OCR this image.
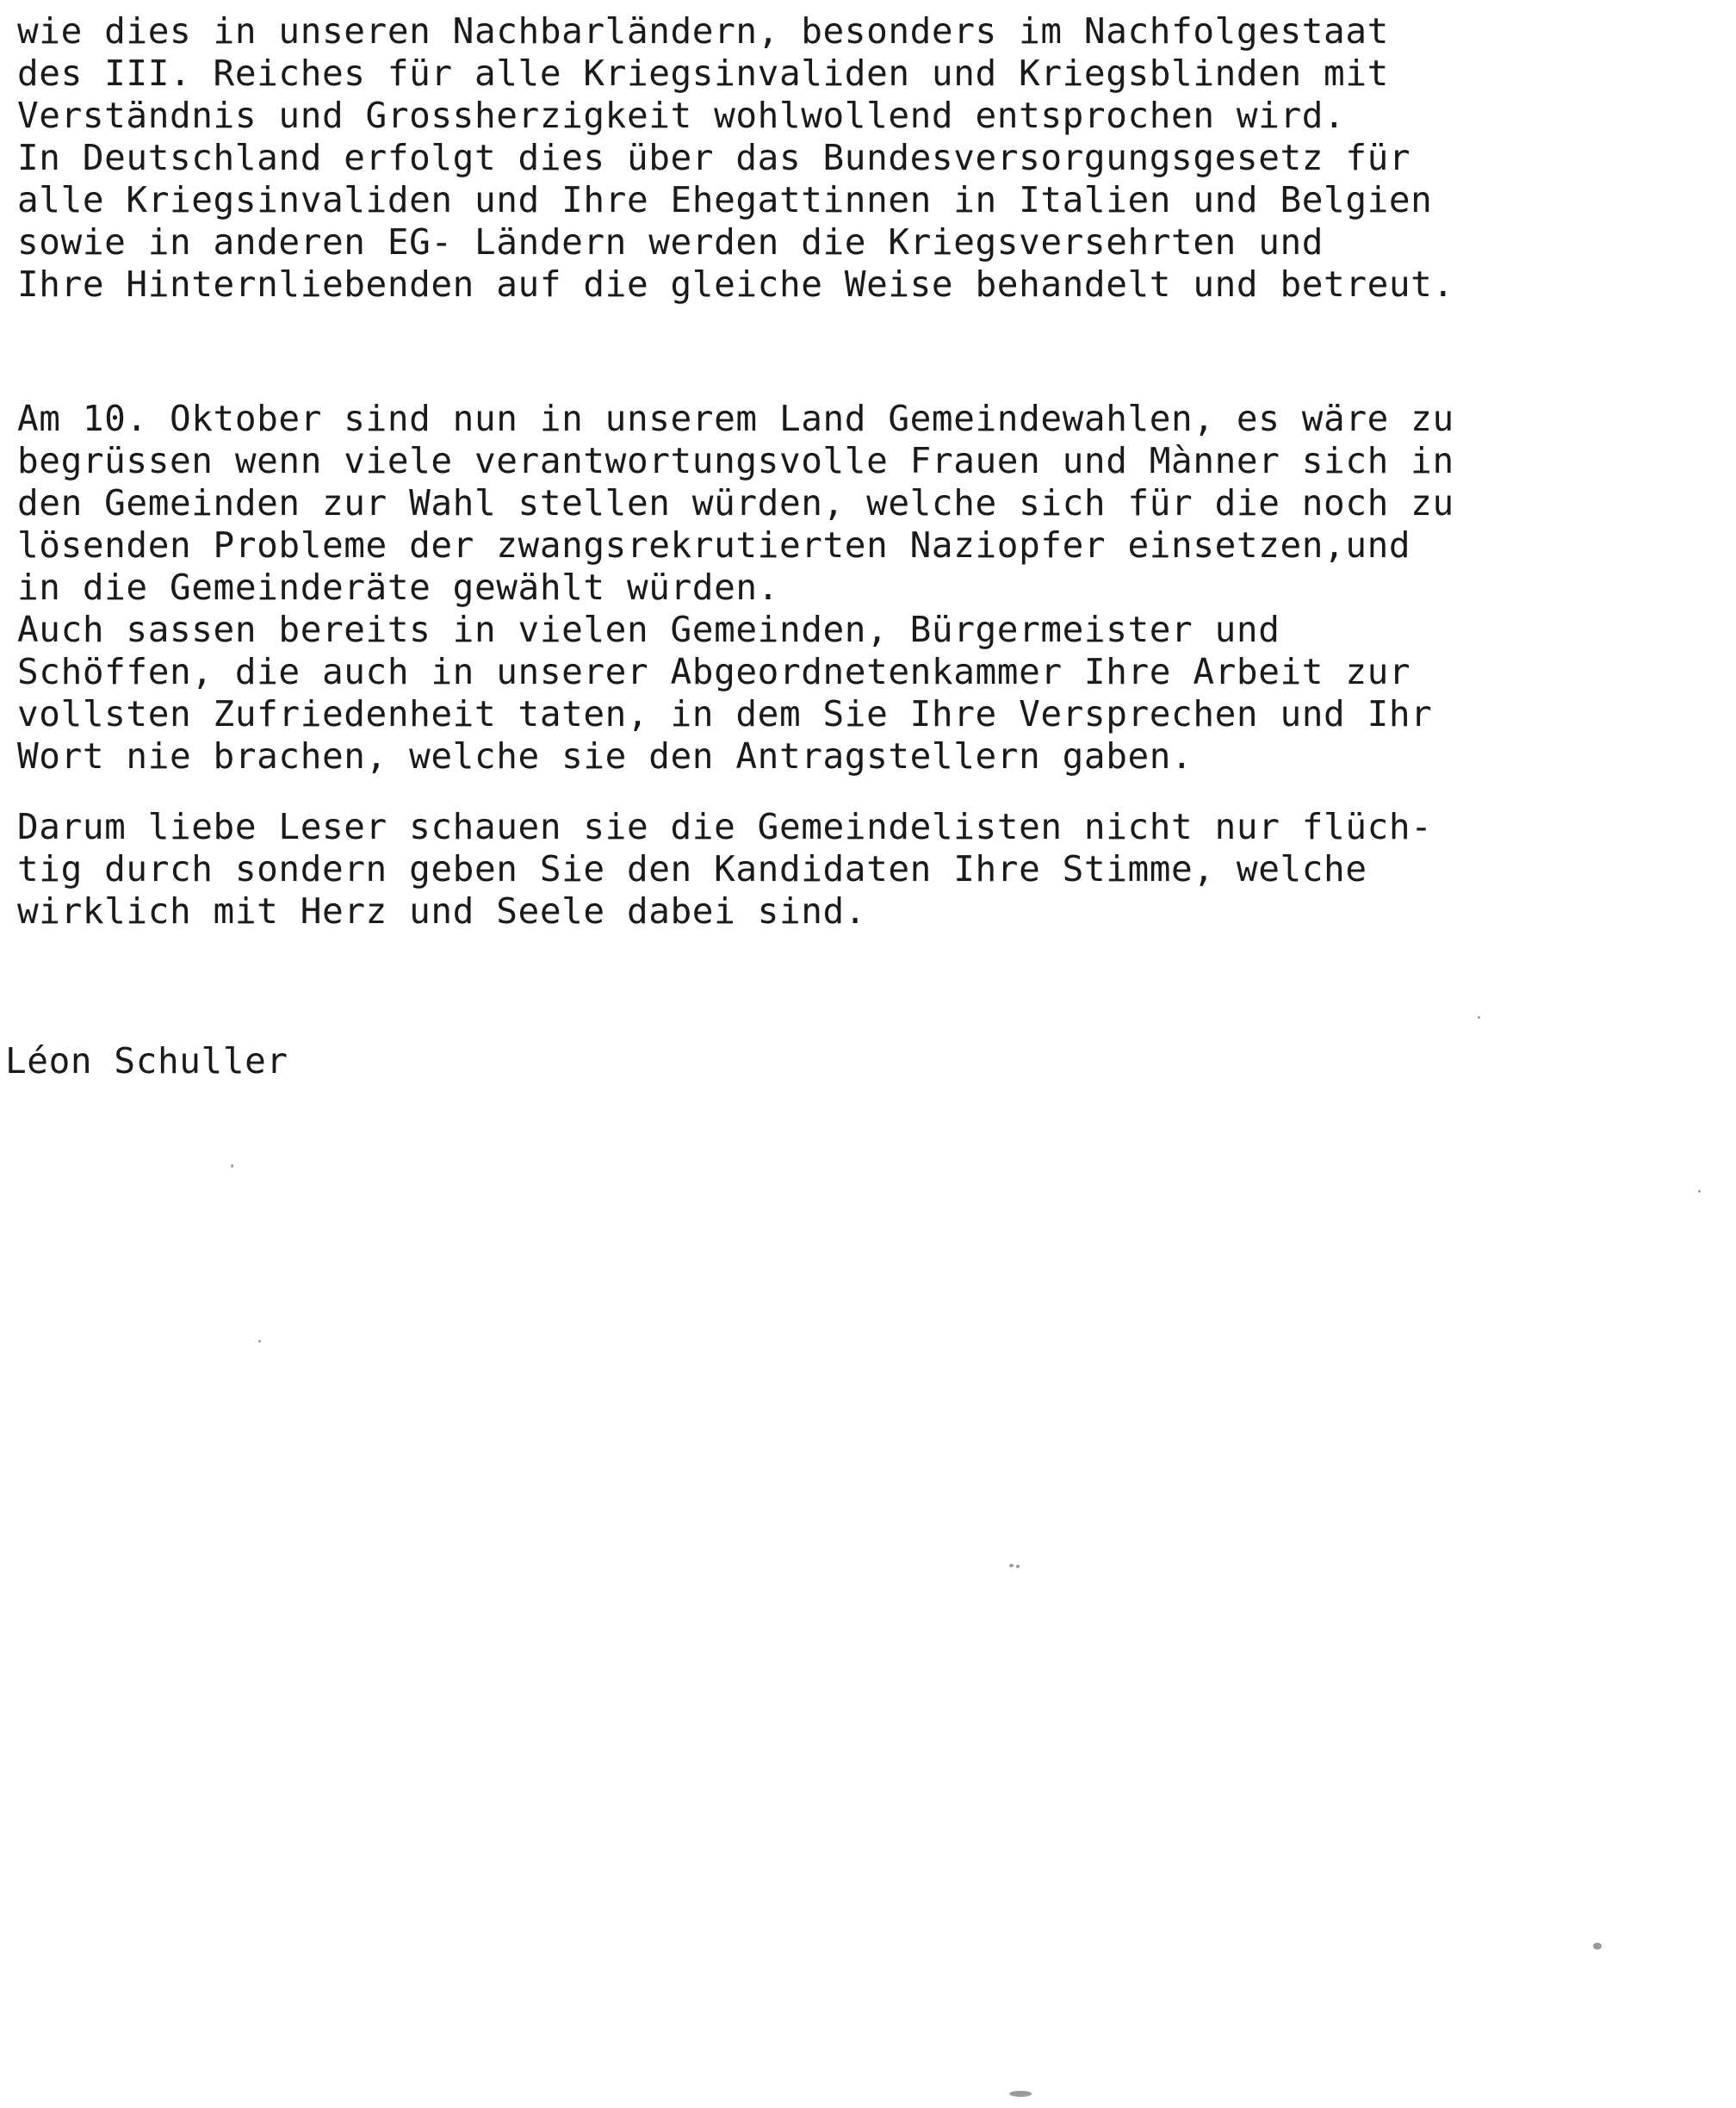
wie dies in unseren Nachbarländern, besonders im Nachfolgestaat
des III. Reiches für alle Kriegsinvaliden und Kriegsblinden mit
Verständnis und Grossherzigkeit wohlwollend entsprochen wird.
In Deutschland erfolgt dies über das Bundesversorgungsgesetz für
alle Kriegsinvaliden und Ihre Ehegattinnen in Italien und Belgien
sowie in anderen EG- Ländern werden die Kriegsversehrten und
Ihre Hinternliebenden auf die gleiche Weise behandelt und betreut.

Am 10. Oktober sind nun in unserem Land Gemeindewahlen, es wäre zu
begrüssen wenn viele verantwortungsvolle Frauen und Mànner sich in
den Gemeinden zur Wahl stellen würden, welche sich für die noch zu
lösenden Probleme der zwangsrekrutierten Naziopfer einsetzen,und
in die Gemeinderäte gewählt würden.
Auch sassen bereits in vielen Gemeinden, Bürgermeister und
Schöffen, die auch in unserer Abgeordnetenkammer Ihre Arbeit zur
vollsten Zufriedenheit taten, in dem Sie Ihre Versprechen und Ihr
Wort nie brachen, welche sie den Antragstellern gaben.

Darum liebe Leser schauen sie die Gemeindelisten nicht nur flüch-
tig durch sondern geben Sie den Kandidaten Ihre Stimme, welche
wirklich mit Herz und Seele dabei sind.

Léon Schuller
